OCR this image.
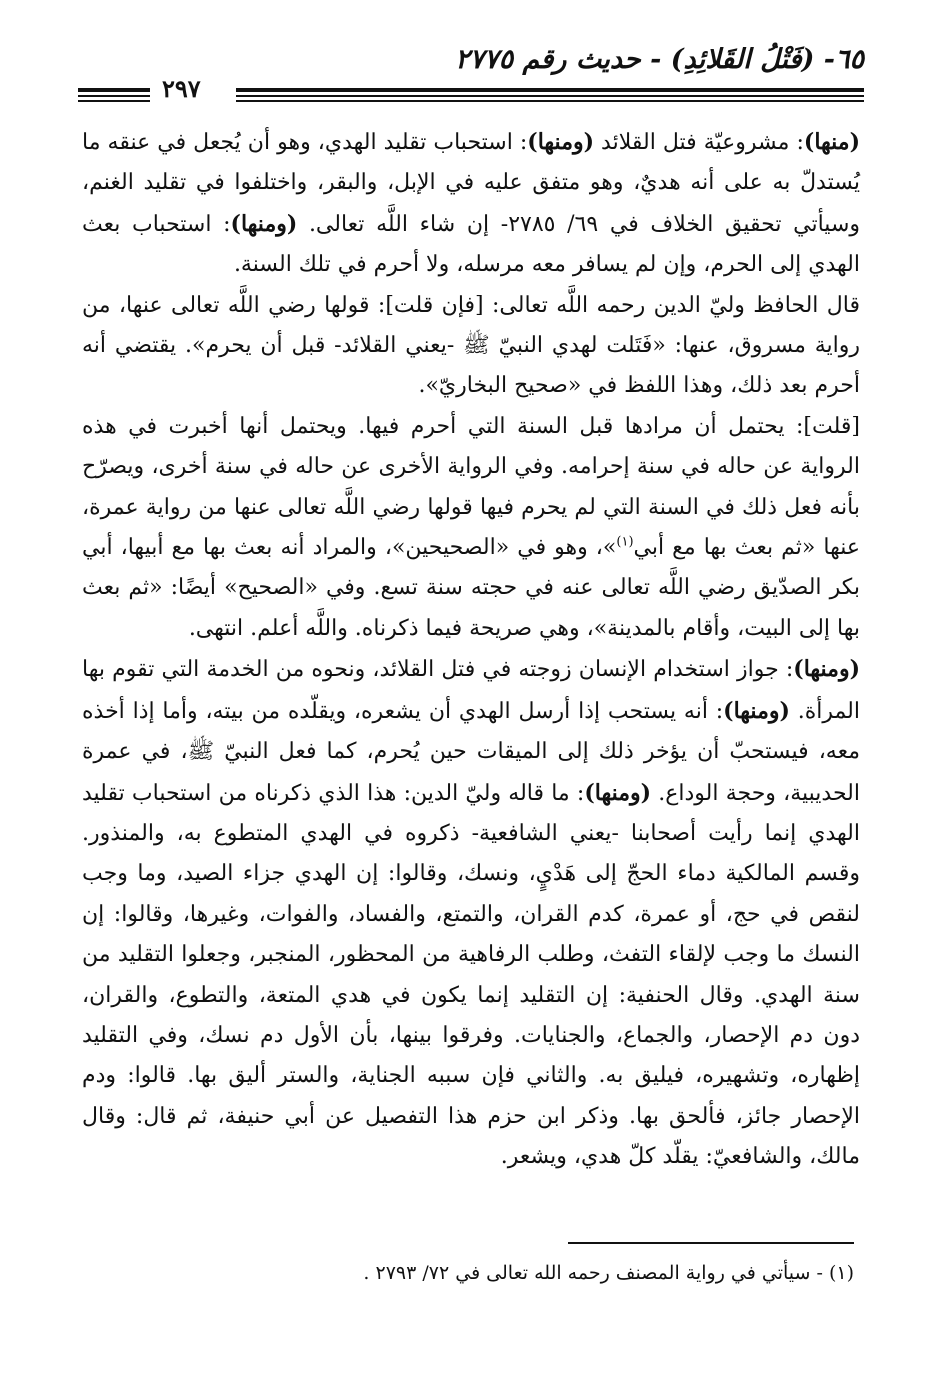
٦٥- (فَتْلُ القَلائِدِ) - حديث رقم ٢٧٧٥
٢٩٧

(منها): مشروعيّة فتل القلائد (ومنها): استحباب تقليد الهدي، وهو أن يُجعل في عنقه ما يُستدلّ به على أنه هديٌ، وهو متفق عليه في الإبل، والبقر، واختلفوا في تقليد الغنم، وسيأتي تحقيق الخلاف في ٦٩/ ٢٧٨٥- إن شاء اللَّه تعالى. (ومنها): استحباب بعث الهدي إلى الحرم، وإن لم يسافر معه مرسله، ولا أحرم في تلك السنة.

قال الحافظ وليّ الدين رحمه اللَّه تعالى: [فإن قلت]: قولها رضي اللَّه تعالى عنها، من رواية مسروق، عنها: «فَتَلت لهدي النبيّ ﷺ -يعني القلائد- قبل أن يحرم». يقتضي أنه أحرم بعد ذلك، وهذا اللفظ في «صحيح البخاريّ».

[قلت]: يحتمل أن مرادها قبل السنة التي أحرم فيها. ويحتمل أنها أخبرت في هذه الرواية عن حاله في سنة إحرامه. وفي الرواية الأخرى عن حاله في سنة أخرى، ويصرّح بأنه فعل ذلك في السنة التي لم يحرم فيها قولها رضي اللَّه تعالى عنها من رواية عمرة، عنها «ثم بعث بها مع أبي$^{(١)}$»، وهو في «الصحيحين»، والمراد أنه بعث بها مع أبيها، أبي بكر الصدّيق رضي اللَّه تعالى عنه في حجته سنة تسع. وفي «الصحيح» أيضًا: «ثم بعث بها إلى البيت، وأقام بالمدينة»، وهي صريحة فيما ذكرناه. واللَّه أعلم. انتهى.

(ومنها): جواز استخدام الإنسان زوجته في فتل القلائد، ونحوه من الخدمة التي تقوم بها المرأة. (ومنها): أنه يستحب إذا أرسل الهدي أن يشعره، ويقلّده من بيته، وأما إذا أخذه معه، فيستحبّ أن يؤخر ذلك إلى الميقات حين يُحرم، كما فعل النبيّ ﷺ، في عمرة الحديبية، وحجة الوداع. (ومنها): ما قاله وليّ الدين: هذا الذي ذكرناه من استحباب تقليد الهدي إنما رأيت أصحابنا -يعني الشافعية- ذكروه في الهدي المتطوع به، والمنذور. وقسم المالكية دماء الحجّ إلى هَدْيٍ، ونسك، وقالوا: إن الهدي جزاء الصيد، وما وجب لنقص في حج، أو عمرة، كدم القران، والتمتع، والفساد، والفوات، وغيرها، وقالوا: إن النسك ما وجب لإلقاء التفث، وطلب الرفاهية من المحظور، المنجبر، وجعلوا التقليد من سنة الهدي. وقال الحنفية: إن التقليد إنما يكون في هدي المتعة، والتطوع، والقران، دون دم الإحصار، والجماع، والجنايات. وفرقوا بينها، بأن الأول دم نسك، وفي التقليد إظهاره، وتشهيره، فيليق به. والثاني فإن سببه الجناية، والستر أليق بها. قالوا: ودم الإحصار جائز، فألحق بها. وذكر ابن حزم هذا التفصيل عن أبي حنيفة، ثم قال: وقال مالك، والشافعيّ: يقلّد كلّ هدي، ويشعر.

(١) - سيأتي في رواية المصنف رحمه الله تعالى في ٧٢/ ٢٧٩٣ .
